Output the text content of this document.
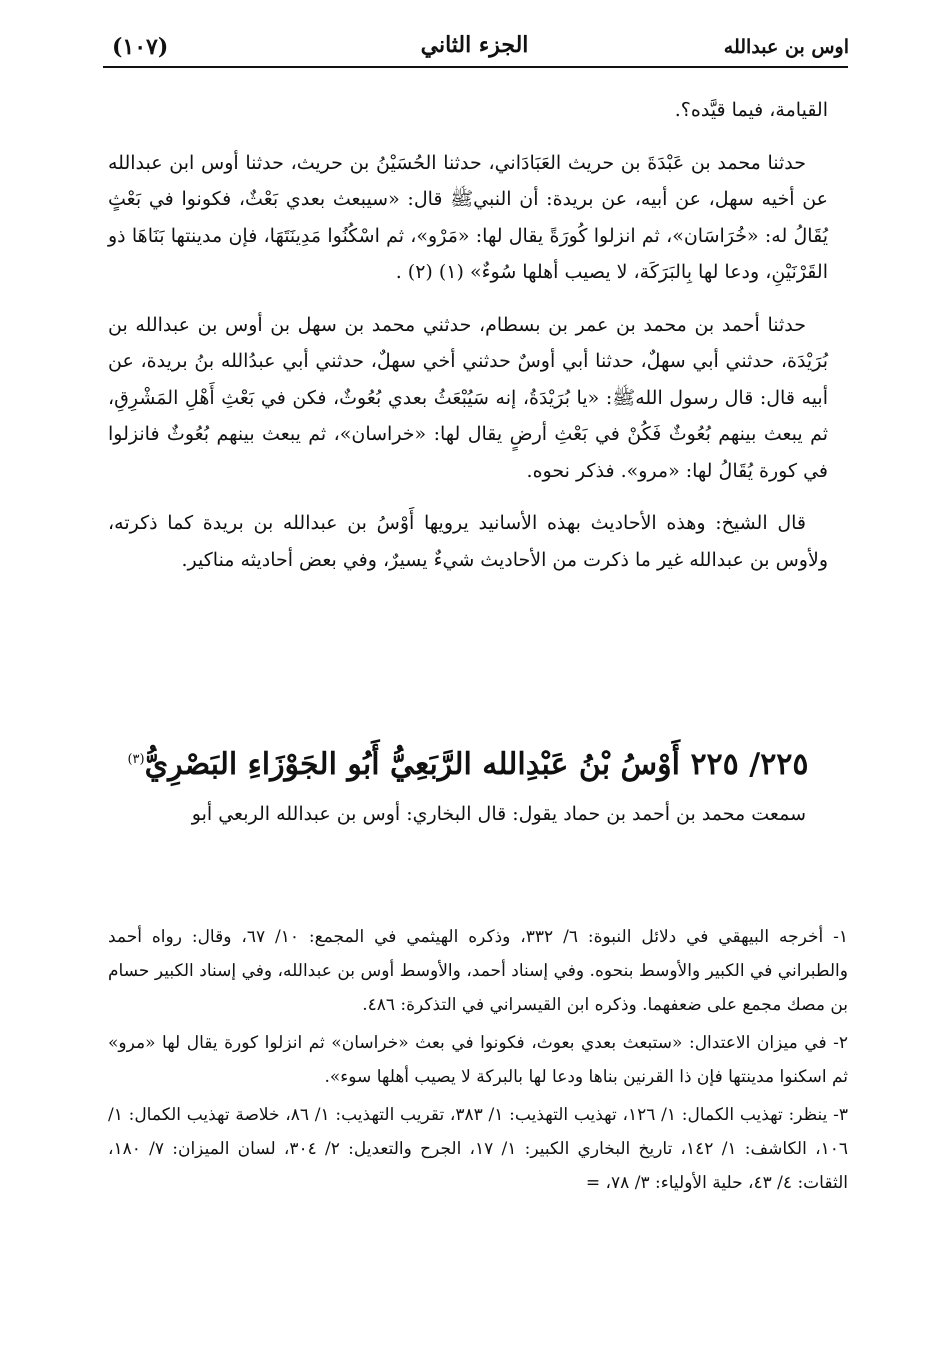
(١٠٧)	الجزء الثاني	اوس بن عبدالله

القيامة، فيما قيَّده؟.

حدثنا محمد بن عَبْدَةَ بن حريث العَبَادَاني، حدثنا الحُسَيْنُ بن حريث، حدثنا أوس ابن عبدالله عن أخيه سهل، عن أبيه، عن بريدة: أن النبيﷺ قال: «سيبعث بعدي بَعْثٌ، فكونوا في بَعْثٍ يُقَالُ له: «خُرَاسَان»، ثم انزلوا كُورَةً يقال لها: «مَرْو»، ثم اسْكُنُوا مَدِينَتَهَا، فإن مدينتها بَنَاهَا ذو القَرْنَيْنِ، ودعا لها بِالبَرَكَة، لا يصيب أهلها سُوءٌ» (١) (٢) .

حدثنا أحمد بن محمد بن عمر بن بسطام، حدثني محمد بن سهل بن أوس بن عبدالله بن بُرَيْدَة، حدثني أبي سهلٌ، حدثنا أبي أوسٌ حدثني أخي سهلٌ، حدثني أبي عبدُالله بنُ بريدة، عن أبيه قال: قال رسول اللهﷺ: «يا بُرَيْدَةُ، إنه سَيُبْعَثُ بعدي بُعُوثٌ، فكن في بَعْثِ أَهْلِ المَشْرِقِ، ثم يبعث بينهم بُعُوثٌ فَكُنْ في بَعْثِ أرضٍ يقال لها: «خراسان»، ثم يبعث بينهم بُعُوثٌ فانزلوا في كورة يُقَالُ لها: «مرو». فذكر نحوه.

قال الشيخ: وهذه الأحاديث بهذه الأسانيد يرويها أَوْسُ بن عبدالله بن بريدة كما ذكرته، ولأوس بن عبدالله غير ما ذكرت من الأحاديث شيءٌ يسيرٌ، وفي بعض أحاديثه مناكير.

٢٢٥/ ٢٢٥ أَوْسُ بْنُ عَبْدِالله الرَّبَعِيُّ أَبُو الجَوْزَاءِ البَصْرِيُّ$^{(٣)}$
سمعت محمد بن أحمد بن حماد يقول: قال البخاري: أوس بن عبدالله الربعي أبو

١- أخرجه البيهقي في دلائل النبوة: ٦/ ٣٣٢، وذكره الهيثمي في المجمع: ١٠/ ٦٧، وقال: رواه أحمد والطبراني في الكبير والأوسط بنحوه. وفي إسناد أحمد، والأوسط أوس بن عبدالله، وفي إسناد الكبير حسام بن مصك مجمع على ضعفهما. وذكره ابن القيسراني في التذكرة: ٤٨٦.

٢- في ميزان الاعتدال: «ستبعث بعدي بعوث، فكونوا في بعث «خراسان» ثم انزلوا كورة يقال لها «مرو» ثم اسكنوا مدينتها فإن ذا القرنين بناها ودعا لها بالبركة لا يصيب أهلها سوء».

٣- ينظر: تهذيب الكمال: ١/ ١٢٦، تهذيب التهذيب: ١/ ٣٨٣، تقريب التهذيب: ١/ ٨٦، خلاصة تهذيب الكمال: ١/ ١٠٦، الكاشف: ١/ ١٤٢، تاريخ البخاري الكبير: ١/ ١٧، الجرح والتعديل: ٢/ ٣٠٤، لسان الميزان: ٧/ ١٨٠، الثقات: ٤/ ٤٣، حلية الأولياء: ٣/ ٧٨، =
